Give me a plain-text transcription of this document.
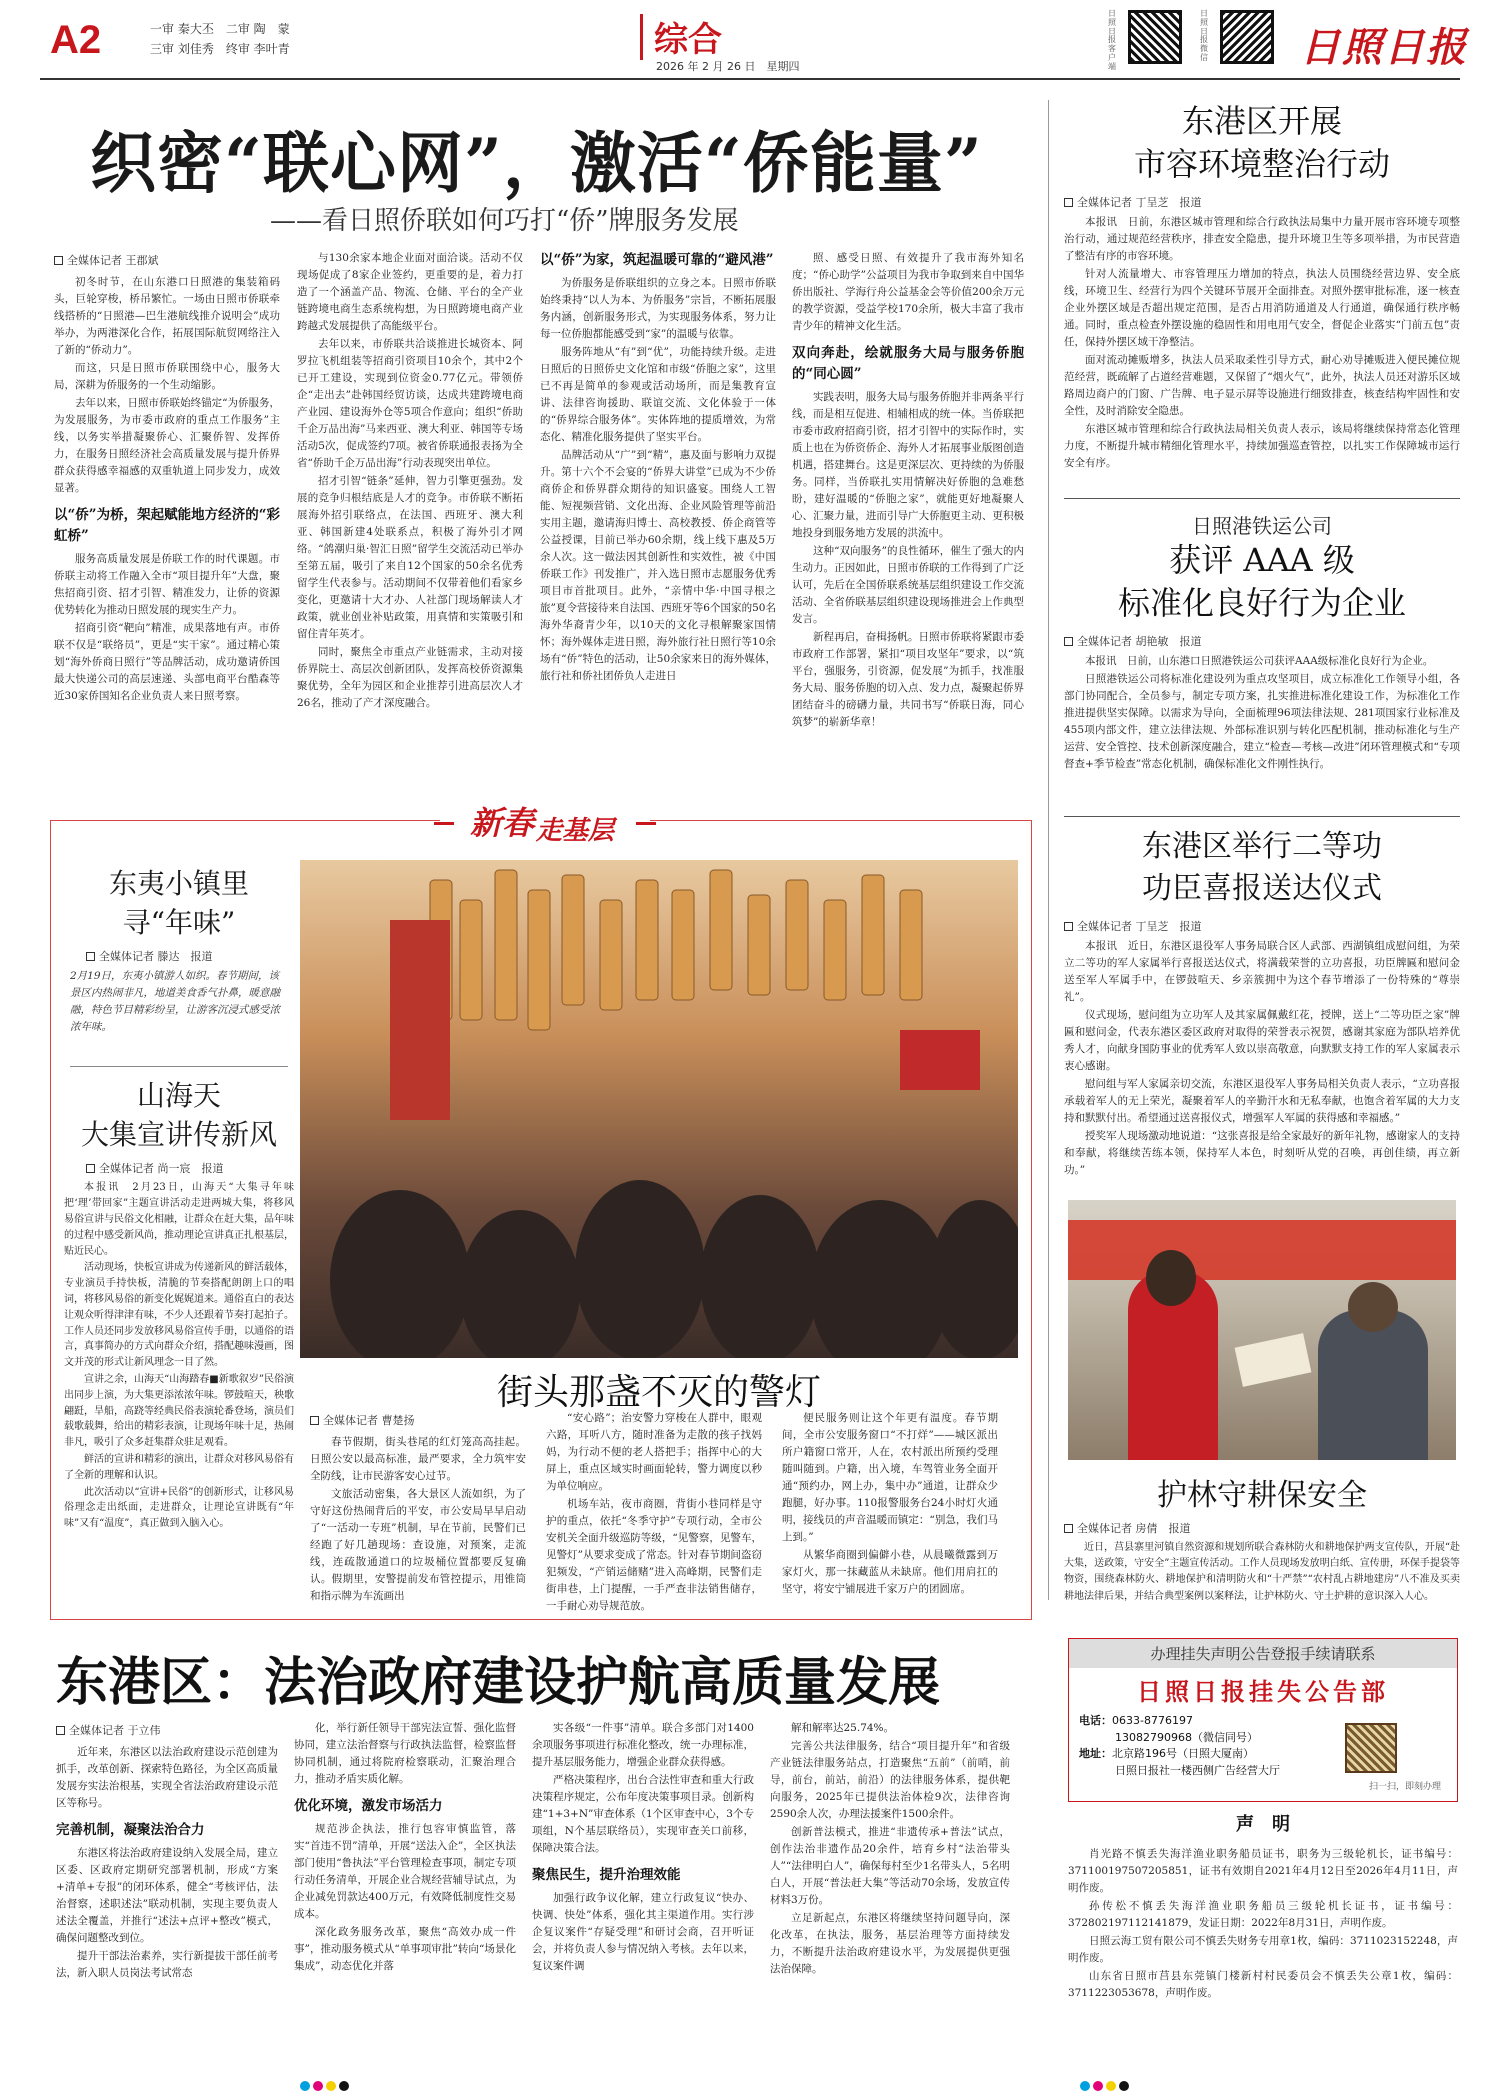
A2	一审 秦大丕　二审 陶　蒙
三审 刘佳秀　终审 李叶青	综合
2026 年 2 月 26 日　星期四
日照日报客户端
日照日报微信 日照日报
织密“联心网”，激活“侨能量”
——看日照侨联如何巧打“侨”牌服务发展
全媒体记者 王郡斌

初冬时节，在山东港口日照港的集装箱码头，巨轮穿梭，桥吊繁忙。一场由日照市侨联牵线搭桥的“日照港—巴生港航线推介说明会”成功举办，为两港深化合作，拓展国际航贸网络注入了新的“侨动力”。

而这，只是日照市侨联围绕中心，服务大局，深耕为侨服务的一个生动缩影。

去年以来，日照市侨联始终锚定“为侨服务，为发展服务，为市委市政府的重点工作服务”主线，以务实举措凝聚侨心、汇聚侨智、发挥侨力，在服务日照经济社会高质量发展与提升侨界群众获得感幸福感的双重轨道上同步发力，成效显著。

以“侨”为桥，架起赋能地方经济的“彩虹桥”

服务高质量发展是侨联工作的时代课题。市侨联主动将工作融入全市“项目提升年”大盘，聚焦招商引资、招才引智、精准发力，让侨的资源优势转化为推动日照发展的现实生产力。

招商引资“靶向”精准，成果落地有声。市侨联不仅是“联络员”，更是“实干家”。通过精心策划“海外侨商日照行”等品牌活动，成功邀请侨国最大快递公司的高层速递、头部电商平台酷森等近30家侨国知名企业负责人来日照考察。

与130余家本地企业面对面洽谈。活动不仅现场促成了8家企业签约，更重要的是，着力打造了一个涵盖产品、物流、仓储、平台的全产业链跨境电商生态系统构想，为日照跨境电商产业跨越式发展提供了高能级平台。

去年以来，市侨联共洽谈推进长城资本、阿罗拉飞机组装等招商引资项目10余个，其中2个已开工建设，实现到位资金0.77亿元。带领侨企“走出去”赴韩国经贸访谈，达成共建跨境电商产业园、建设海外仓等5项合作意向；组织“侨助千企万品出海”马来西亚、澳大利亚、韩国等专场活动5次，促成签约7项。被省侨联通报表扬为全省“侨助千企万品出海”行动表现突出单位。

招才引智“链条”延伸，智力引擎更强劲。发展的竞争归根结底是人才的竞争。市侨联不断拓展海外招引联络点，在法国、西班牙、澳大利亚、韩国新建4处联系点，积极了海外引才网络。“鸽潮归巢·智汇日照”留学生交流活动已举办至第五届，吸引了来自12个国家的50余名优秀留学生代表参与。活动期间不仅带着他们看家乡变化，更邀请十大才办、人社部门现场解读人才政策，就业创业补贴政策，用真情和实策吸引和留住青年英才。

同时，聚焦全市重点产业链需求，主动对接侨界院士、高层次创新团队，发挥高校侨资源集聚优势，全年为园区和企业推荐引进高层次人才26名，推动了产才深度融合。

以“侨”为家，筑起温暖可靠的“避风港”

为侨服务是侨联组织的立身之本。日照市侨联始终秉持“以人为本、为侨服务”宗旨，不断拓展服务内涵，创新服务形式，为实现服务体系，努力让每一位侨胞都能感受到“家”的温暖与依靠。

服务阵地从“有”到“优”，功能持续升级。走进日照后的日照侨史文化馆和市级“侨胞之家”，这里已不再是简单的参观或活动场所，而是集教育宣讲、法律咨询援助、联谊交流、文化体验于一体的“侨界综合服务体”。实体阵地的提质增效，为常态化、精准化服务提供了坚实平台。

品牌活动从“广”到“精”，惠及面与影响力双提升。第十六个不会宴的“侨界大讲堂”已成为不少侨商侨企和侨界群众期待的知识盛宴。围绕人工智能、短视频营销、文化出海、企业风险管理等前沿实用主题，邀请海归博士、高校教授、侨企商管等公益授课，目前已举办60余期，线上线下惠及5万余人次。这一做法因其创新性和实效性，被《中国侨联工作》刊发推广，并入选日照市志愿服务优秀项目市首批项目。此外，“亲情中华·中国寻根之旅”夏令营接待来自法国、西班牙等6个国家的50名海外华裔青少年，以10天的文化寻根解聚家国情怀；海外媒体走进日照，海外旅行社日照行等10余场有“侨”特色的活动，让50余家来日的海外媒体，旅行社和侨社团侨负人走进日

照、感受日照、有效提升了我市海外知名度；“侨心助学”公益项目为我市争取到来自中国华侨出版社、学海行舟公益基金会等价值200余万元的教学资源，受益学校170余所，极大丰富了我市青少年的精神文化生活。

双向奔赴，绘就服务大局与服务侨胞的“同心圆”

实践表明，服务大局与服务侨胞并非两条平行线，而是相互促进、相辅相成的统一体。当侨联把市委市政府招商引资，招才引智中的实际作时，实质上也在为侨资侨企、海外人才拓展事业版图创造机遇，搭建舞台。这是更深层次、更持续的为侨服务。同样，当侨联扎实用情解决好侨胞的急难愁盼，建好温暖的“侨胞之家”，就能更好地凝聚人心、汇聚力量，进而引导广大侨胞更主动、更积极地投身到服务地方发展的洪流中。

这种“双向服务”的良性循环，催生了强大的内生动力。正因如此，日照市侨联的工作得到了广泛认可，先后在全国侨联系统基层组织建设工作交流活动、全省侨联基层组织建设现场推进会上作典型发言。

新程再启，奋楫扬帆。日照市侨联将紧跟市委市政府工作部署，紧扣“项目攻坚年”要求，以“筑平台，强服务，引资源，促发展”为抓手，找准服务大局、服务侨胞的切入点、发力点，凝聚起侨界团结奋斗的磅礴力量，共同书写“侨联日海，同心筑梦”的崭新华章！

东港区开展
市容环境整治行动
全媒体记者 丁呈芝　报道

本报讯　日前，东港区城市管理和综合行政执法局集中力量开展市容环境专项整治行动，通过规范经营秩序，排查安全隐患，提升环境卫生等多项举措，为市民营造了整洁有序的市容环境。

针对人流量增大、市容管理压力增加的特点，执法人员围绕经营边界、安全底线，环境卫生、经营行为四个关键环节展开全面排查。对照外摆审批标准，逐一核查企业外摆区域是否超出规定范围，是否占用消防通道及人行通道，确保通行秩序畅通。同时，重点检查外摆设施的稳固性和用电用气安全，督促企业落实“门前五包”责任，保持外摆区域干净整洁。

面对流动摊贩增多，执法人员采取柔性引导方式，耐心劝导摊贩进入便民摊位规范经营，既疏解了占道经营难题，又保留了“烟火气”，此外，执法人员还对游乐区域路周边商户的门窗、广告牌、电子显示屏等设施进行细致排查，核查结构牢固性和安全性，及时消除安全隐患。

东港区城市管理和综合行政执法局相关负责人表示，该局将继续保持常态化管理力度，不断提升城市精细化管理水平，持续加强巡查管控，以扎实工作保障城市运行安全有序。

日照港铁运公司
获评 AAA 级
标准化良好行为企业
全媒体记者 胡艳敏　报道

本报讯　日前，山东港口日照港铁运公司获评AAA级标准化良好行为企业。

日照港铁运公司将标准化建设列为重点攻坚项目，成立标准化工作领导小组，各部门协同配合，全员参与，制定专项方案，扎实推进标准化建设工作，为标准化工作推进提供坚实保障。以需求为导向，全面梳理96项法律法规、281项国家行业标准及455项内部文件，建立法律法规、外部标准识别与转化匹配机制，推动标准化与生产运营、安全管控、技术创新深度融合，建立“检查—考核—改进”闭环管理模式和“专项督查+季节检查”常态化机制，确保标准化文件刚性执行。

东港区举行二等功
功臣喜报送达仪式
全媒体记者 丁呈芝　报道

本报讯　近日，东港区退役军人事务局联合区人武部、西湖镇组成慰问组，为荣立二等功的军人家属举行喜报送达仪式，将满载荣誉的立功喜报，功臣牌匾和慰问金送至军人军属手中，在锣鼓喧天、乡亲簇拥中为这个春节增添了一份特殊的“尊崇礼”。

仪式现场，慰问组为立功军人及其家属佩戴红花，授牌，送上“二等功臣之家”牌匾和慰问金，代表东港区委区政府对取得的荣誉表示祝贺，感谢其家庭为部队培养优秀人才，向献身国防事业的优秀军人致以崇高敬意，向默默支持工作的军人家属表示衷心感谢。

慰问组与军人家属亲切交流，东港区退役军人事务局相关负责人表示，“立功喜报承载着军人的无上荣光，凝聚着军人的辛勤汗水和无私奉献，也饱含着军属的大力支持和默默付出。希望通过送喜报仪式，增强军人军属的获得感和幸福感。”

授奖军人现场激动地说道：“这张喜报是给全家最好的新年礼物，感谢家人的支持和奉献，将继续苦练本领，保持军人本色，时刻听从党的召唤，再创佳绩，再立新功。”

护林守耕保安全
全媒体记者 房倩　报道

近日，莒县寨里河镇自然资源和规划所联合森林防火和耕地保护两支宣传队，开展“赴大集，送政策，守安全”主题宣传活动。工作人员现场发放明白纸、宣传册，环保手提袋等物资，围绕森林防火、耕地保护和清明防火和“十严禁”“农村乱占耕地建房”八不准及买卖耕地法律后果，并结合典型案例以案释法，让护林防火、守土护耕的意识深入人心。

新春 走基层
东夷小镇里
寻“年味”
全媒体记者 滕达　报道
2月19日，东夷小镇游人如织。春节期间，该景区内热闹非凡，地道美食香气扑鼻，暖意融融，特色节目精彩纷呈，让游客沉浸式感受浓浓年味。
山海天
大集宣讲传新风
全媒体记者 尚一宸　报道

本报讯　2月23日，山海天“大集寻年味把‘理’带回家”主题宣讲活动走进两城大集，将移风易俗宣讲与民俗文化相融，让群众在赶大集，品年味的过程中感受新风尚，推动理论宣讲真正扎根基层，贴近民心。

活动现场，快板宣讲成为传递新风的鲜活载体，专业演员手持快板，清脆的节奏搭配朗朗上口的唱词，将移风易俗的新变化娓娓道来。通俗直白的表达让观众听得津津有味，不少人还跟着节奏打起拍子。工作人员还同步发放移风易俗宣传手册，以通俗的语言，真事简办的方式向群众介绍，搭配趣味漫画，图文并茂的形式让新风理念一目了然。

宣讲之余，山海天“山海踏春■新歌叙岁”民俗演出同步上演，为大集更添浓浓年味。锣鼓喧天，秧歌翩跹，旱船，高跷等经典民俗表演轮番登场，演员们载歌载舞，给出的精彩表演，让现场年味十足，热闹非凡，吸引了众多赶集群众驻足观看。

鲜活的宣讲和精彩的演出，让群众对移风易俗有了全新的理解和认识。

此次活动以“宣讲+民俗”的创新形式，让移风易俗理念走出纸面，走进群众，让理论宣讲既有“年味”又有“温度”，真正做到入脑入心。

街头那盏不灭的警灯
全媒体记者 曹楚扬

春节假期，街头巷尾的红灯笼高高挂起。日照公安以最高标准，最严要求，全力筑牢安全防线，让市民游客安心过节。

文旅活动密集，各大景区人流如织，为了守好这份热闹背后的平安，市公安局早早启动了“一活动一专班”机制，早在节前，民警们已经跑了好几趟现场：查设施，对预案，走流线，连疏散通道口的垃圾桶位置都要反复确认。假期里，安警提前发布管控提示，用锥筒和指示牌为车流画出

“安心路”；治安警力穿梭在人群中，眼观六路，耳听八方，随时准备为走散的孩子找妈妈，为行动不便的老人搭把手；指挥中心的大屏上，重点区域实时画面轮转，警力调度以秒为单位响应。

机场车站，夜市商圈，背街小巷同样是守护的重点，依托“冬季守护”专项行动，全市公安机关全面升级巡防等级，“见警察，见警车，见警灯”从要求变成了常态。针对春节期间盗窃犯频发，“产销运储赌”进入高峰期，民警们走街串巷，上门提醒，一手严查非法销售储存，一手耐心劝导规范放。

便民服务则让这个年更有温度。春节期间，全市公安服务窗口“不打烊”——城区派出所户籍窗口常开，人在，农村派出所预约受理随叫随到。户籍，出入境，车驾管业务全面开通“预约办，网上办，集中办”通道，让群众少跑腿，好办事。110报警服务台24小时灯火通明，接线员的声音温暖而镇定：“别急，我们马上到。”

从繁华商圈到偏僻小巷，从晨曦微露到万家灯火，那一抹藏蓝从未缺席。他们用肩扛的坚守，将安宁铺展进千家万户的团圆席。

东港区：法治政府建设护航高质量发展
全媒体记者 于立伟

近年来，东港区以法治政府建设示范创建为抓手，改革创新、探索特色路径，为全区高质量发展夯实法治根基，实现全省法治政府建设示范区等称号。

完善机制，凝聚法治合力

东港区将法治政府建设纳入发展全局，建立区委、区政府定期研究部署机制，形成“方案+清单+专报”的闭环体系，健全“考核评估，法治督察，述职述法”联动机制，实现主要负责人述法全覆盖，并推行“述法+点评+整改”模式，确保问题整改到位。

提升干部法治素养，实行新提拔干部任前考法，新入职人员岗法考试常态

化，举行新任领导干部宪法宣誓、强化监督协同，建立法治督察与行政执法监督，检察监督协同机制，通过将院府检察联动，汇聚治理合力，推动矛盾实质化解。

优化环境，激发市场活力

规范涉企执法，推行包容审慎监管，落实“首违不罚”清单，开展“送法入企”，全区执法部门使用“鲁执法”平台管理检查事项，制定专项行动任务清单，开展企业合规经营辅导试点，为企业减免罚款达400万元，有效降低制度性交易成本。

深化政务服务改革，聚焦“高效办成一件事”，推动服务模式从“单事项审批”转向“场景化集成”，动态优化并落

实各级“一件事”清单。联合多部门对1400余项服务事项进行标准化整改，统一办理标准，提升基层服务能力，增强企业群众获得感。

严格决策程序，出台合法性审查和重大行政决策程序规定，公布年度决策事项目录。创新构建“1+3+N”审查体系（1个区审查中心，3个专项组，N个基层联络员），实现审查关口前移，保障决策合法。

聚焦民生，提升治理效能

加强行政争议化解，建立行政复议“快办、快调、快处”体系，强化其主渠道作用。实行涉企复议案件“存疑受理”和研讨会商，召开听证会，并将负责人参与情况纳入考核。去年以来，复议案件调

解和解率达25.74%。

完善公共法律服务，结合“项目提升年”和省级产业链法律服务站点，打造聚焦“五前”（前哨，前导，前台，前站，前沿）的法律服务体系，提供靶向服务，2025年已提供法治体检9次，法律咨询2590余人次，办理法援案件1500余件。

创新普法模式，推进“非遗传承+普法”试点，创作法治非遗作品20余件，培育乡村“法治带头人”“法律明白人”，确保每村至少1名带头人，5名明白人，开展“普法赶大集”等活动70余场，发放宣传材料3万份。

立足新起点，东港区将继续坚持问题导向，深化改革，在执法，服务，基层治理等方面持续发力，不断提升法治政府建设水平，为发展提供更强法治保障。

办理挂失声明公告登报手续请联系
日照日报挂失公告部
电话：0633-8776197
13082790968（微信同号）
地址：北京路196号（日照大厦南）
日照日报社一楼西侧广告经营大厅
扫一扫，即刻办理
声　明

肖光路不慎丢失海洋渔业职务船员证书，职务为三级轮机长，证书编号：371100197507205851，证书有效期自2021年4月12日至2026年4月11日，声明作废。

孙传松不慎丢失海洋渔业职务船员三级轮机长证书，证书编号：372802197112141879，发证日期：2022年8月31日，声明作废。

日照云海工贸有限公司不慎丢失财务专用章1枚，编码：3711023152248，声明作废。

山东省日照市莒县东莞镇门楼新村村民委员会不慎丢失公章1枚，编码：3711223053678，声明作废。
